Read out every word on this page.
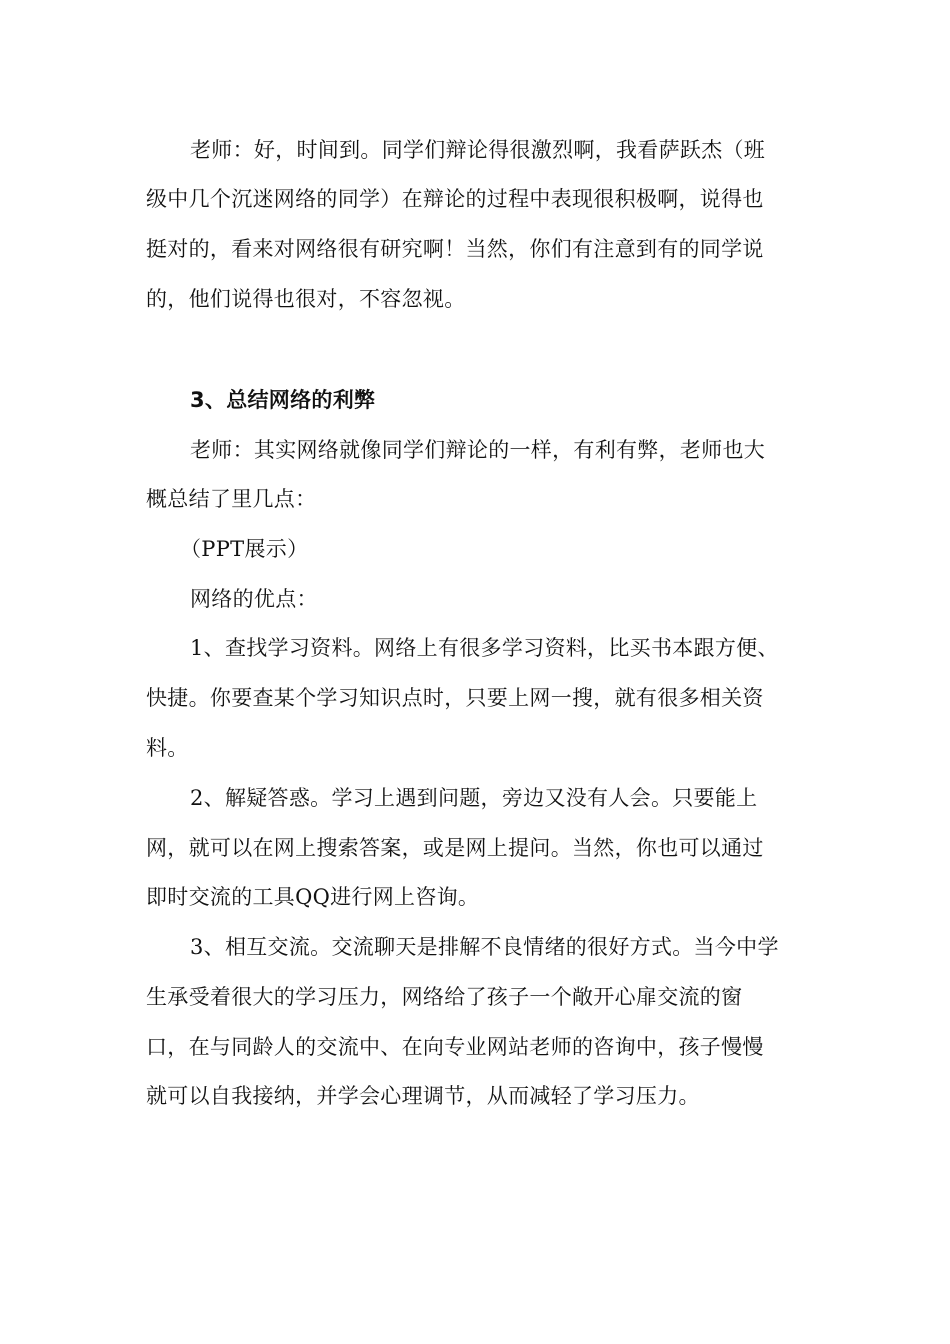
老师：好，时间到。同学们辩论得很激烈啊，我看萨跃杰（班
级中几个沉迷网络的同学）在辩论的过程中表现很积极啊，说得也
挺对的，看来对网络很有研究啊！当然，你们有注意到有的同学说
的，他们说得也很对，不容忽视。
3、总结网络的利弊
老师：其实网络就像同学们辩论的一样，有利有弊，老师也大
概总结了里几点：
（PPT展示）
网络的优点：
1、查找学习资料。网络上有很多学习资料，比买书本跟方便、
快捷。你要查某个学习知识点时，只要上网一搜，就有很多相关资
料。
2、解疑答惑。学习上遇到问题，旁边又没有人会。只要能上
网，就可以在网上搜索答案，或是网上提问。当然，你也可以通过
即时交流的工具QQ进行网上咨询。
3、相互交流。交流聊天是排解不良情绪的很好方式。当今中学
生承受着很大的学习压力，网络给了孩子一个敞开心扉交流的窗
口，在与同龄人的交流中、在向专业网站老师的咨询中，孩子慢慢
就可以自我接纳，并学会心理调节，从而减轻了学习压力。
